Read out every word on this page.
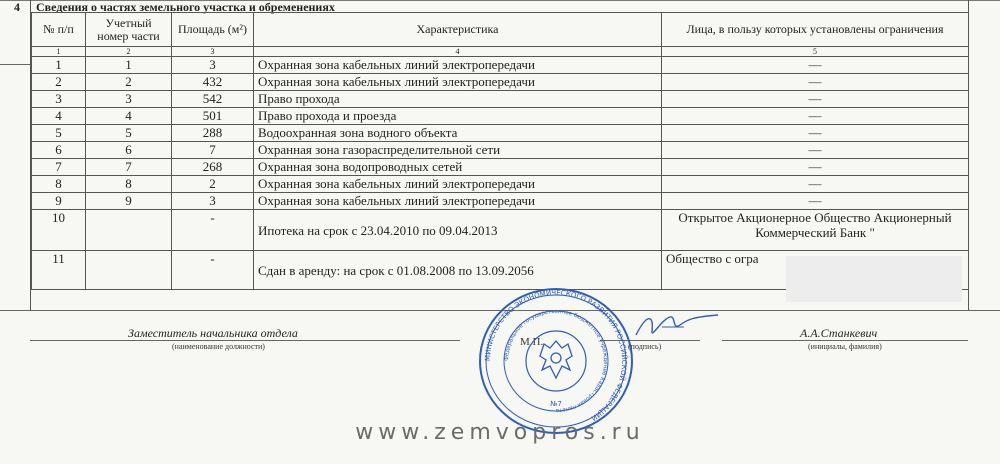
4	Сведения о частях земельного участка и обременениях
№ п/п	Учетный номер части	Площадь (м²)	Характеристика	Лица, в пользу которых установлены ограничения
1	2	3	4	5
1	1	3	Охранная зона кабельных линий электропередачи	—
2	2	432	Охранная зона кабельных линий электропередачи	—
3	3	542	Право прохода	—
4	4	501	Право прохода и проезда	—
5	5	288	Водоохранная зона водного объекта	—
6	6	7	Охранная зона газораспределительной сети	—
7	7	268	Охранная зона водопроводных сетей	—
8	8	2	Охранная зона кабельных линий электропередачи	—
9	9	3	Охранная зона кабельных линий электропередачи	—
10		-	Ипотека на срок с 23.04.2010 по 09.04.2013	Открытое Акционерное Общество Акционерный Коммерческий Банк "
11		-	Сдан в аренду: на срок с 01.08.2008 по 13.09.2056	Общество с огра
Заместитель начальника отдела
(наименование должности)	М.П.	(подпись)
А.А.Станкевич
(инициалы, фамилия)
МИНИСТЕРСТВО ЭКОНОМИЧЕСКОГО РАЗВИТИЯ РОССИЙСКОЙ ФЕДЕРАЦИИ
Федеральное государственное бюджетное учреждение Кадастровая палата
№7
www.zemvopros.ru
